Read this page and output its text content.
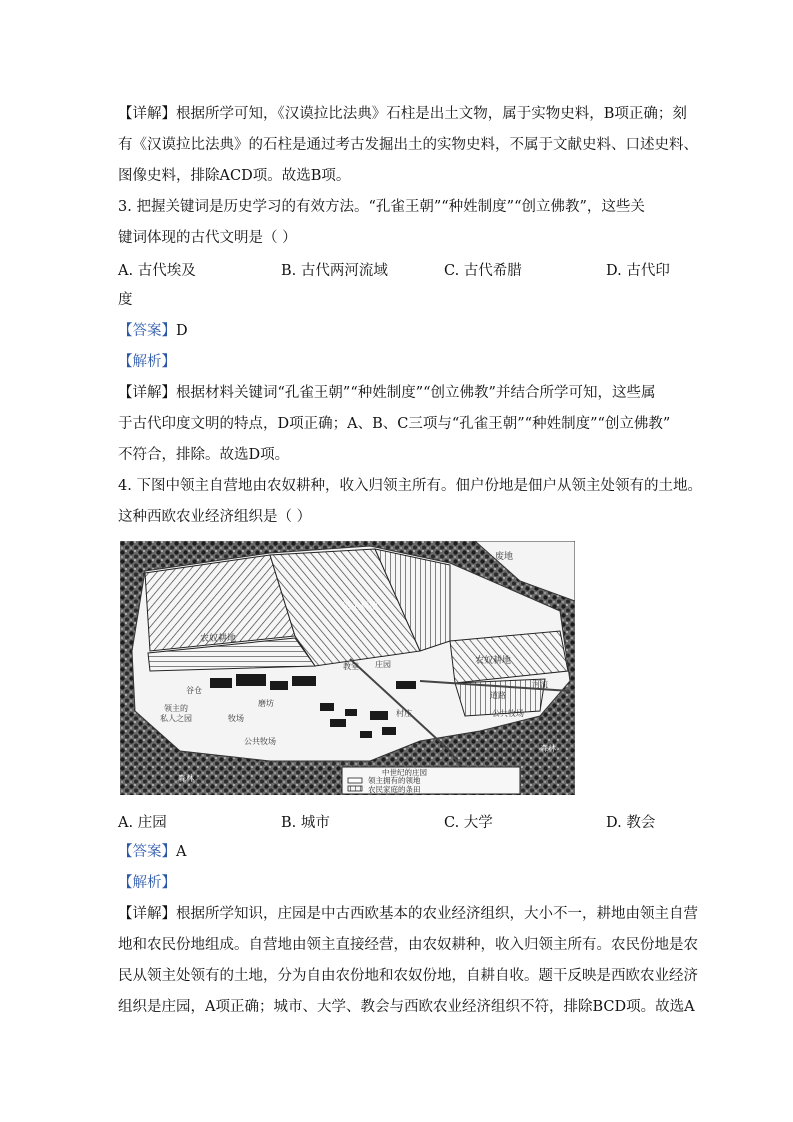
【详解】根据所学可知，《汉谟拉比法典》石柱是出土文物，属于实物史料，B项正确；刻
有《汉谟拉比法典》的石柱是通过考古发掘出土的实物史料，不属于文献史料、口述史料、
图像史料，排除ACD项。故选B项。
3. 把握关键词是历史学习的有效方法。“孔雀王朝”“种姓制度”“创立佛教”，这些关
键词体现的古代文明是（ ）
A. 古代埃及	B. 古代两河流域	C. 古代希腊	D. 古代印
度
【答案】D
【解析】
【详解】根据材料关键词“孔雀王朝”“种姓制度”“创立佛教”并结合所学可知，这些属
于古代印度文明的特点，D项正确；A、B、C三项与“孔雀王朝”“种姓制度”“创立佛教”
不符合，排除。故选D项。
4. 下图中领主自营地由农奴耕种，收入归领主所有。佃户份地是佃户从领主处领有的土地。
这种西欧农业经济组织是（ ）
废地
领主耕地
农奴耕地
农奴耕地
庄园
教堂
谷仓
领主的
私人之园	牧场
磨坊
村庄
道路
河流
公共牧场
公共牧场
森林
森林
中世纪的庄园
领主拥有的领地
农民家庭的条田
A. 庄园	B. 城市	C. 大学	D. 教会
【答案】A
【解析】
【详解】根据所学知识，庄园是中古西欧基本的农业经济组织，大小不一，耕地由领主自营
地和农民份地组成。自营地由领主直接经营，由农奴耕种，收入归领主所有。农民份地是农
民从领主处领有的土地，分为自由农份地和农奴份地，自耕自收。题干反映是西欧农业经济
组织是庄园，A项正确；城市、大学、教会与西欧农业经济组织不符，排除BCD项。故选A
